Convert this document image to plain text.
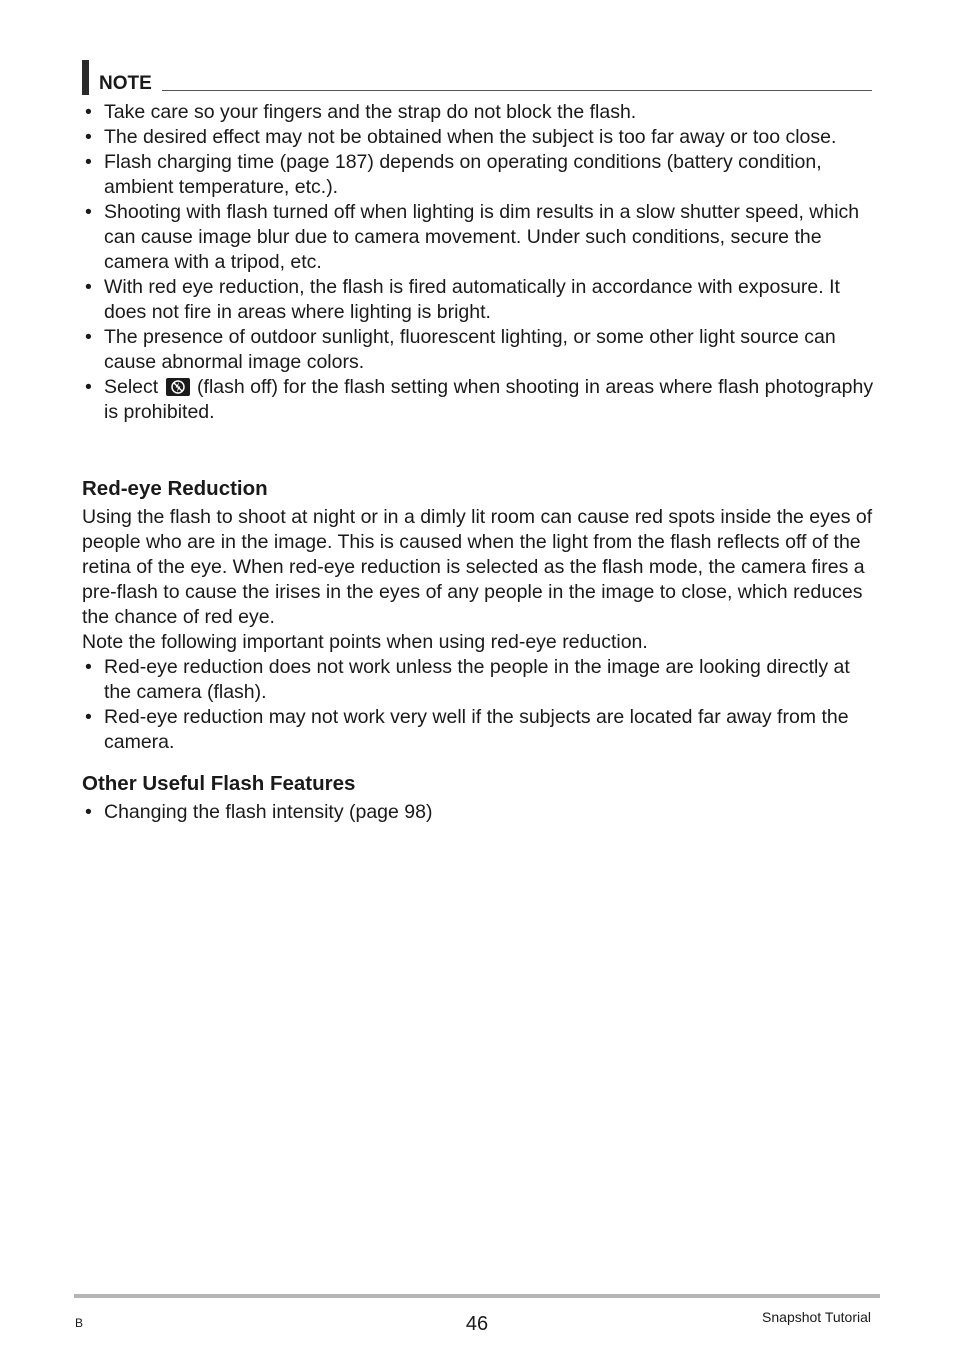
NOTE
• Take care so your fingers and the strap do not block the flash.
• The desired effect may not be obtained when the subject is too far away or too close.
• Flash charging time (page 187) depends on operating conditions (battery condition, ambient temperature, etc.).
• Shooting with flash turned off when lighting is dim results in a slow shutter speed, which can cause image blur due to camera movement. Under such conditions, secure the camera with a tripod, etc.
• With red eye reduction, the flash is fired automatically in accordance with exposure. It does not fire in areas where lighting is bright.
• The presence of outdoor sunlight, fluorescent lighting, or some other light source can cause abnormal image colors.
• Select (flash off) for the flash setting when shooting in areas where flash photography is prohibited.
Red-eye Reduction

Using the flash to shoot at night or in a dimly lit room can cause red spots inside the eyes of people who are in the image. This is caused when the light from the flash reflects off of the retina of the eye. When red-eye reduction is selected as the flash mode, the camera fires a pre-flash to cause the irises in the eyes of any people in the image to close, which reduces the chance of red eye.

Note the following important points when using red-eye reduction.

• Red-eye reduction does not work unless the people in the image are looking directly at the camera (flash).
• Red-eye reduction may not work very well if the subjects are located far away from the camera.
Other Useful Flash Features
• Changing the flash intensity (page 98)
B	46	Snapshot Tutorial
